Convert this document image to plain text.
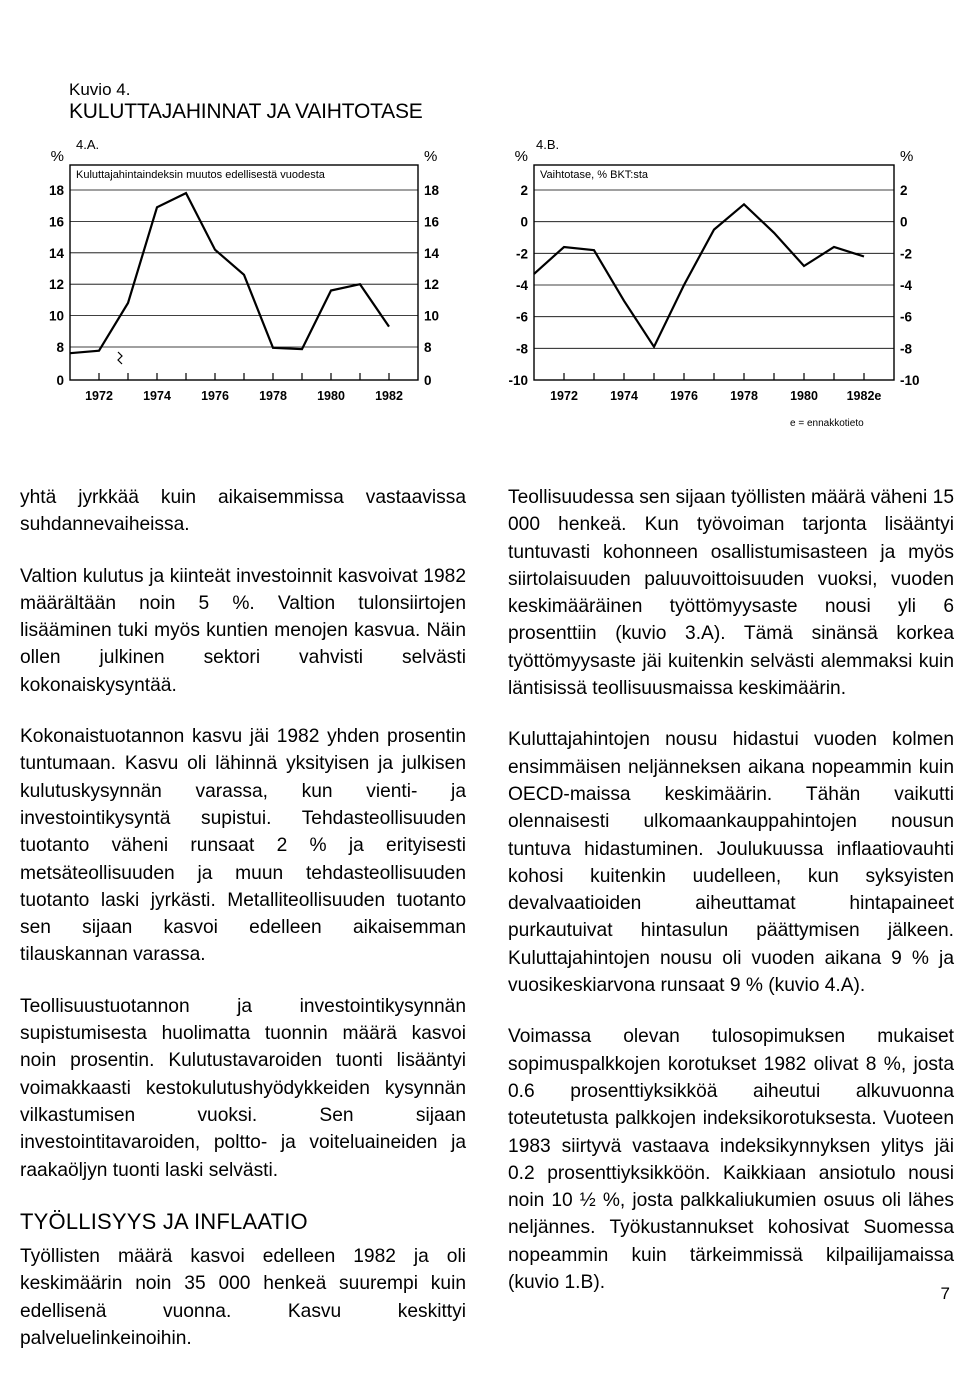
Kuvio 4.
KULUTTAJAHINNAT JA VAIHTOTASE
4.A.
0	0
8	8
10	10
12	12
14	14
16	16
18	18
%	%
Kuluttajahintaindeksin muutos edellisestä vuodesta
1972 1974 1976 1978 1980 1982
4.B.
-10	-10
-8	-8
-6	-6
-4	-4
-2	-2
0	0
2	2
%	%
Vaihtotase, % BKT:sta
1972	1974	1976	1978	1980 1982e
e = ennakkotieto

yhtä jyrkkää kuin aikaisemmissa vastaavissa suhdannevaiheissa.

Valtion kulutus ja kiinteät investoinnit kasvoivat 1982 määrältään noin 5 %. Valtion tulonsiirtojen lisääminen tuki myös kuntien menojen kasvua. Näin ollen julkinen sektori vahvisti selvästi kokonaiskysyntää.

Kokonaistuotannon kasvu jäi 1982 yhden prosentin tuntumaan. Kasvu oli lähinnä yksityisen ja julkisen kulutuskysynnän varassa, kun vienti- ja investointikysyntä supistui. Tehdasteollisuuden tuotanto väheni runsaat 2 % ja erityisesti metsäteollisuuden ja muun tehdasteollisuuden tuotanto laski jyrkästi. Metalliteollisuuden tuotanto sen sijaan kasvoi edelleen aikaisemman tilauskannan varassa.

Teollisuustuotannon ja investointikysynnän supistumisesta huolimatta tuonnin määrä kasvoi noin prosentin. Kulutustavaroiden tuonti lisääntyi voimakkaasti kestokulutushyödykkeiden kysynnän vilkastumisen vuoksi. Sen sijaan investointitavaroiden, poltto- ja voiteluaineiden ja raakaöljyn tuonti laski selvästi.

TYÖLLISYYS JA INFLAATIO

Työllisten määrä kasvoi edelleen 1982 ja oli keskimäärin noin 35 000 henkeä suurempi kuin edellisenä vuonna. Kasvu keskittyi palveluelinkeinoihin.

Teollisuudessa sen sijaan työllisten määrä väheni 15 000 henkeä. Kun työvoiman tarjonta lisääntyi tuntuvasti kohonneen osallistumisasteen ja myös siirtolaisuuden paluuvoittoisuuden vuoksi, vuoden keskimääräinen työttömyysaste nousi yli 6 prosenttiin (kuvio 3.A). Tämä sinänsä korkea työttömyysaste jäi kuitenkin selvästi alemmaksi kuin läntisissä teollisuusmaissa keskimäärin.

Kuluttajahintojen nousu hidastui vuoden kolmen ensimmäisen neljänneksen aikana nopeammin kuin OECD-maissa keskimäärin. Tähän vaikutti olennaisesti ulkomaankauppahintojen nousun tuntuva hidastuminen. Joulukuussa inflaatiovauhti kohosi kuitenkin uudelleen, kun syksyisten devalvaatioiden aiheuttamat hintapaineet purkautuivat hintasulun päättymisen jälkeen. Kuluttajahintojen nousu oli vuoden aikana 9 % ja vuosikeskiarvona runsaat 9 % (kuvio 4.A).

Voimassa olevan tulosopimuksen mukaiset sopimuspalkkojen korotukset 1982 olivat 8 %, josta 0.6 prosenttiyksikköä aiheutui alkuvuonna toteutetusta palkkojen indeksikorotuksesta. Vuoteen 1983 siirtyvä vastaava indeksikynnyksen ylitys jäi 0.2 prosenttiyksikköön. Kaikkiaan ansiotulo nousi noin 10 ½ %, josta palkkaliukumien osuus oli lähes neljännes. Työkustannukset kohosivat Suomessa nopeammin kuin tärkeimmissä kilpailijamaissa (kuvio 1.B).

7
